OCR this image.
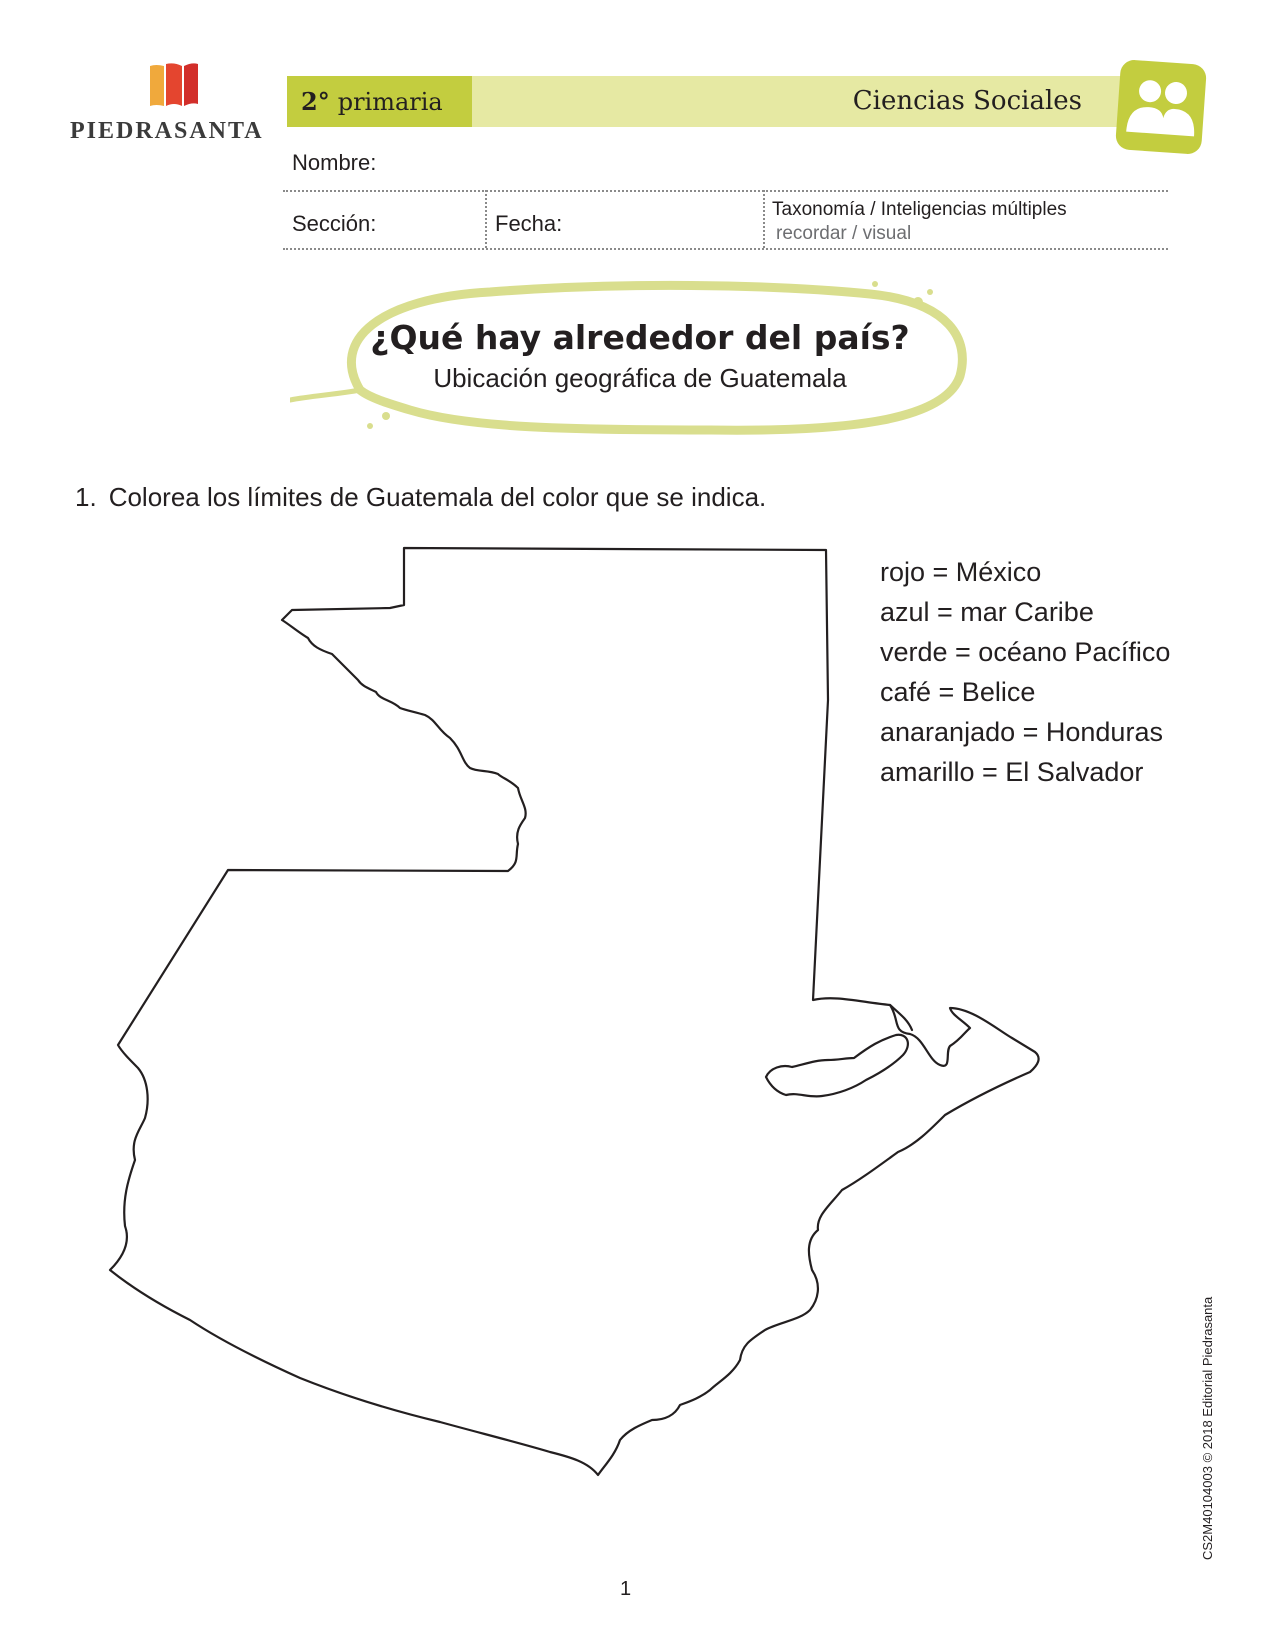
PIEDRASANTA
2° primaria	Ciencias Sociales
Nombre:
Sección:	Fecha:
Taxonomía / Inteligencias múltiples
recordar / visual
¿Qué hay alrededor del país?
Ubicación geográfica de Guatemala
1. Colorea los límites de Guatemala del color que se indica.
rojo = México
azul = mar Caribe
verde = océano Pacífico
café = Belice
anaranjado = Honduras
amarillo = El Salvador
1
CS2M40104003 © 2018 Editorial Piedrasanta
